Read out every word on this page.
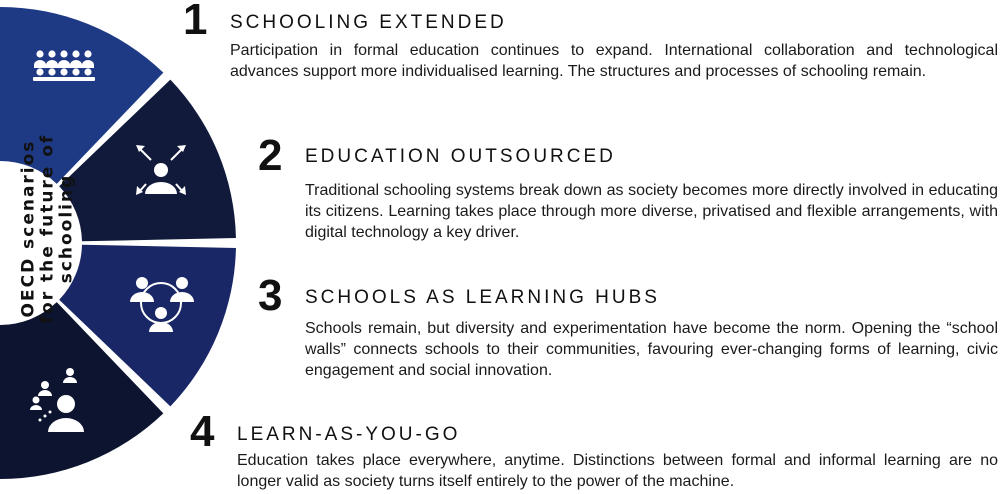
OECD scenarios for the future of schooling
1 SCHOOLING EXTENDED
Participation in formal education continues to expand. International collaboration and technological advances support more individualised learning. The structures and processes of schooling remain.
2 EDUCATION OUTSOURCED
Traditional schooling systems break down as society becomes more directly involved in educating its citizens. Learning takes place through more diverse, privatised and flexible arrangements, with digital technology a key driver.
3 SCHOOLS AS LEARNING HUBS
Schools remain, but diversity and experimentation have become the norm. Opening the “school walls” connects schools to their communities, favouring ever-changing forms of learning, civic engagement and social innovation.
4 LEARN-AS-YOU-GO
Education takes place everywhere, anytime. Distinctions between formal and informal learning are no longer valid as society turns itself entirely to the power of the machine.
